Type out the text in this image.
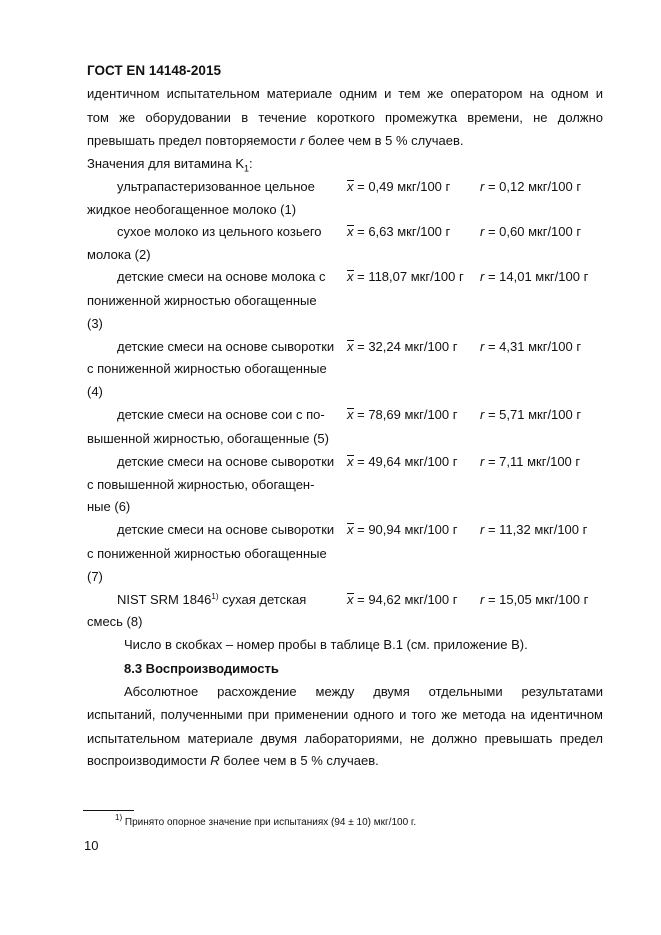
ГОСТ EN 14148-2015
идентичном испытательном материале одним и тем же оператором на одном и
том же оборудовании в течение короткого промежутка времени, не должно
превышать предел повторяемости r более чем в 5 % случаев.
Значения для витамина $K_1$:
ультрапастеризованное цельное x = 0,49 мкг/100 г r = 0,12 мкг/100 г
жидкое необогащенное молоко (1)
сухое молоко из цельного козьего x = 6,63 мкг/100 г r = 0,60 мкг/100 г
молока (2)
детские смеси на основе молока с x = 118,07 мкг/100 г r = 14,01 мкг/100 г
пониженной жирностью обогащенные
(3)
детские смеси на основе сыворотки x = 32,24 мкг/100 г r = 4,31 мкг/100 г
с пониженной жирностью обогащенные
(4)
детские смеси на основе сои с по- x = 78,69 мкг/100 г r = 5,71 мкг/100 г
вышенной жирностью, обогащенные (5)
детские смеси на основе сыворотки x = 49,64 мкг/100 г r = 7,11 мкг/100 г
с повышенной жирностью, обогащен-
ные (6)
детские смеси на основе сыворотки x = 90,94 мкг/100 г r = 11,32 мкг/100 г
с пониженной жирностью обогащенные
(7)
NIST SRM 1846$^{1)}$ сухая детская	x = 94,62 мкг/100 г r = 15,05 мкг/100 г
смесь (8)
Число в скобках – номер пробы в таблице B.1 (см. приложение B).
8.3 Воспроизводимость
Абсолютное расхождение между двумя отдельными результатами
испытаний, полученными при применении одного и того же метода на идентичном
испытательном материале двумя лабораториями, не должно превышать предел
воспроизводимости R более чем в 5 % случаев.
$^{1)}$ Принято опорное значение при испытаниях (94 ± 10) мкг/100 г.
10
